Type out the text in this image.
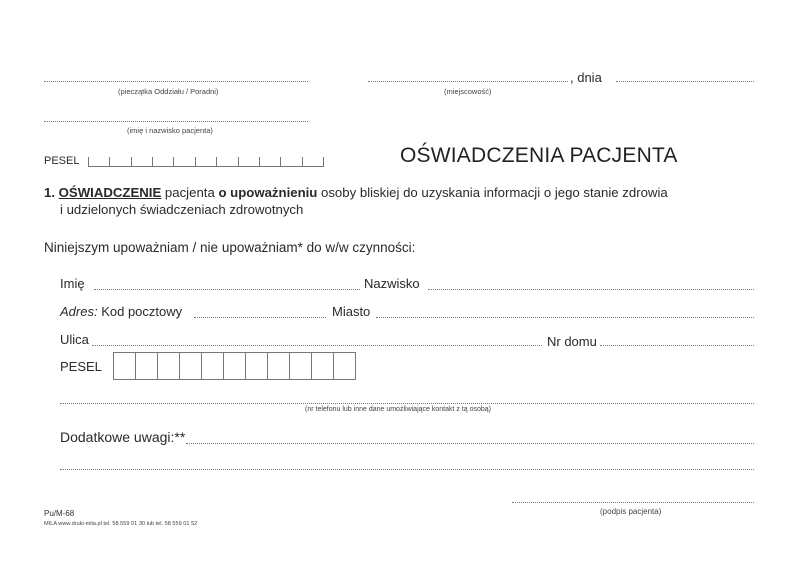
(pieczątka Oddziału / Poradni)
, dnia
(miejscowość)
(imię i nazwisko pacjenta)
PESEL	OŚWIADCZENIA PACJENTA
1. OŚWIADCZENIE pacjenta o upoważnieniu osoby bliskiej do uzyskania informacji o jego stanie zdrowia
i udzielonych świadczeniach zdrowotnych
Niniejszym upoważniam / nie upoważniam* do w/w czynności:
Imię	Nazwisko
Adres: Kod pocztowy	Miasto
Ulica	Nr domu
PESEL
(nr telefonu lub inne dane umożliwiające kontakt z tą osobą)
Dodatkowe uwagi:**
(podpis pacjenta)
Pu/M-68
MILA www.druki-mila.pl tel. 58 559 01 30 lub tel. 58 559 01 52
